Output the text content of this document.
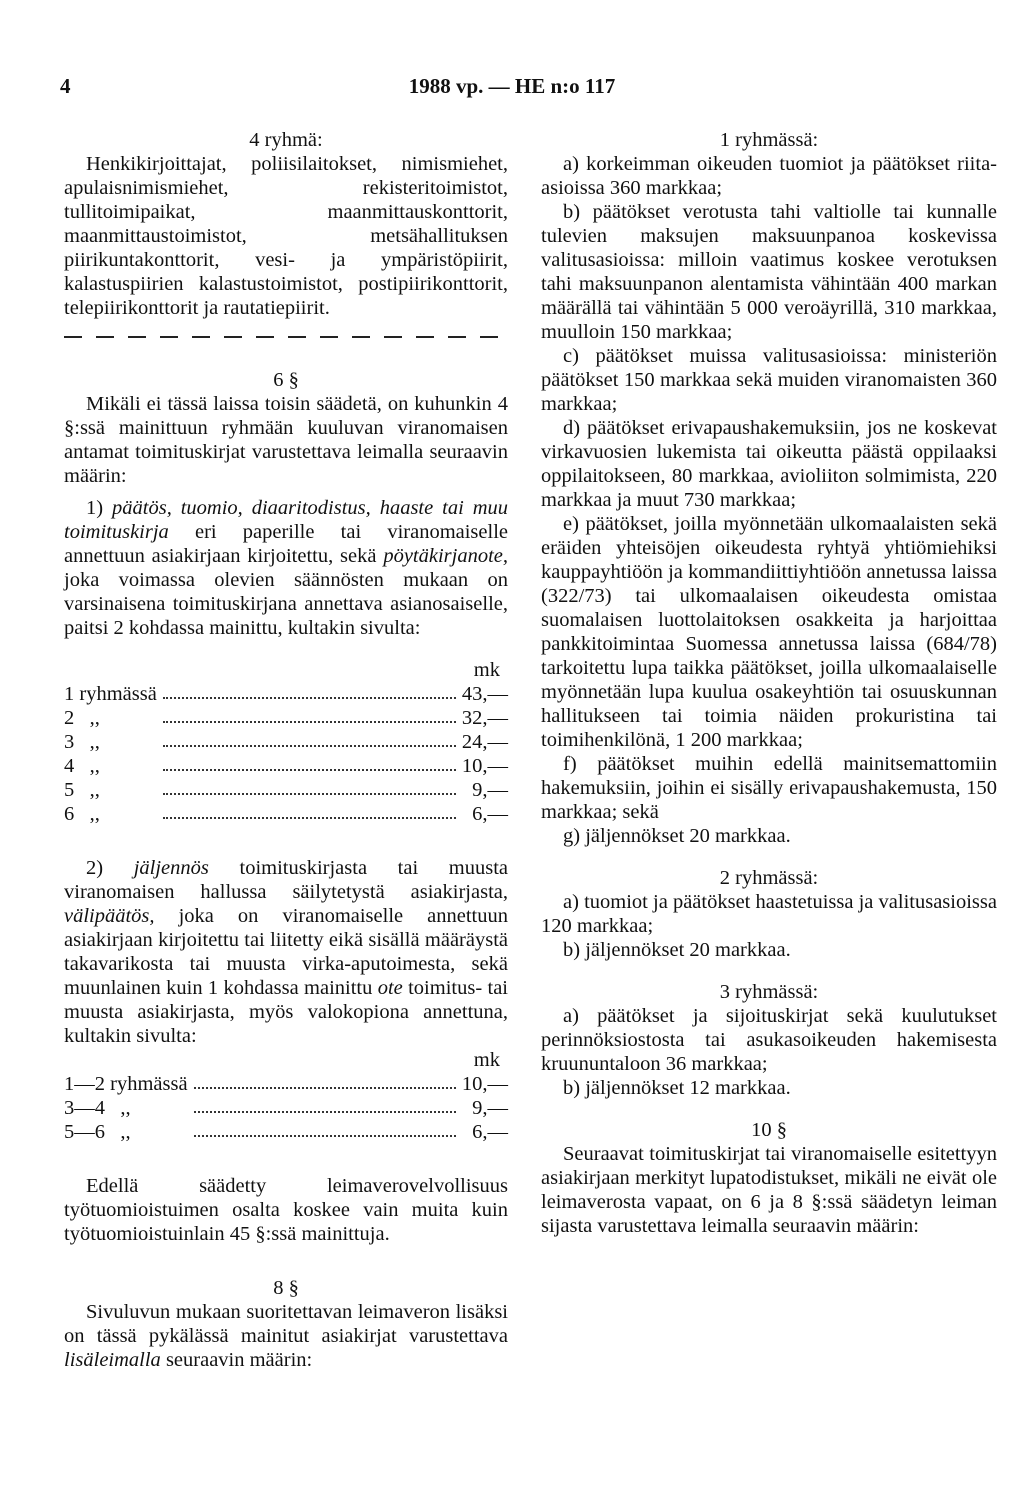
4	1988 vp. — HE n:o 117

4 ryhmä:

Henkikirjoittajat, poliisilaitokset, nimismiehet, apulaisnimismiehet, rekisteritoimistot, tullitoimipaikat, maanmittauskonttorit, maanmittaustoimistot, metsähallituksen piirikuntakonttorit, vesi- ja ympäristöpiirit, kalastuspiirien kalastustoimistot, postipiirikonttorit, telepiirikonttorit ja rautatiepiirit.

6 §

Mikäli ei tässä laissa toisin säädetä, on kuhunkin 4 §:ssä mainittuun ryhmään kuuluvan viranomaisen antamat toimituskirjat varustettava leimalla seuraavin määrin:

1) päätös, tuomio, diaaritodistus, haaste tai muu toimituskirja eri paperille tai viranomaiselle annettuun asiakirjaan kirjoitettu, sekä pöytäkirjanote, joka voimassa olevien säännösten mukaan on varsinaisena toimituskirjana annettava asianosaiselle, paitsi 2 kohdassa mainittu, kultakin sivulta:

mk
1 ryhmässä		43,—
2   ,,		32,—
3   ,,		24,—
4   ,,		10,—
5   ,,		9,—
6   ,,		6,—

2) jäljennös toimituskirjasta tai muusta viranomaisen hallussa säilytetystä asiakirjasta, välipäätös, joka on viranomaiselle annettuun asiakirjaan kirjoitettu tai liitetty eikä sisällä määräystä takavarikosta tai muusta virka-aputoimesta, sekä muunlainen kuin 1 kohdassa mainittu ote toimitus- tai muusta asiakirjasta, myös valokopiona annettuna, kultakin sivulta:

mk
1—2 ryhmässä		10,—
3—4   ,,		9,—
5—6   ,,		6,—

Edellä säädetty leimaverovelvollisuus työtuomioistuimen osalta koskee vain muita kuin työtuomioistuinlain 45 §:ssä mainittuja.

8 §

Sivuluvun mukaan suoritettavan leimaveron lisäksi on tässä pykälässä mainitut asiakirjat varustettava lisäleimalla seuraavin määrin:

1 ryhmässä:

a) korkeimman oikeuden tuomiot ja päätökset riita-asioissa 360 markkaa;

b) päätökset verotusta tahi valtiolle tai kunnalle tulevien maksujen maksuunpanoa koskevissa valitusasioissa: milloin vaatimus koskee verotuksen tahi maksuunpanon alentamista vähintään 400 markan määrällä tai vähintään 5 000 veroäyrillä, 310 markkaa, muulloin 150 markkaa;

c) päätökset muissa valitusasioissa: ministeriön päätökset 150 markkaa sekä muiden viranomaisten 360 markkaa;

d) päätökset erivapaushakemuksiin, jos ne koskevat virkavuosien lukemista tai oikeutta päästä oppilaaksi oppilaitokseen, 80 markkaa, avioliiton solmimista, 220 markkaa ja muut 730 markkaa;

e) päätökset, joilla myönnetään ulkomaalaisten sekä eräiden yhteisöjen oikeudesta ryhtyä yhtiömiehiksi kauppayhtiöön ja kommandiittiyhtiöön annetussa laissa (322/73) tai ulkomaalaisen oikeudesta omistaa suomalaisen luottolaitoksen osakkeita ja harjoittaa pankkitoimintaa Suomessa annetussa laissa (684/78) tarkoitettu lupa taikka päätökset, joilla ulkomaalaiselle myönnetään lupa kuulua osakeyhtiön tai osuuskunnan hallitukseen tai toimia näiden prokuristina tai toimihenkilönä, 1 200 markkaa;

f) päätökset muihin edellä mainitsemattomiin hakemuksiin, joihin ei sisälly erivapaushakemusta, 150 markkaa; sekä

g) jäljennökset 20 markkaa.

2 ryhmässä:

a) tuomiot ja päätökset haastetuissa ja valitusasioissa 120 markkaa;

b) jäljennökset 20 markkaa.

3 ryhmässä:

a) päätökset ja sijoituskirjat sekä kuulutukset perinnöksiostosta tai asukasoikeuden hakemisesta kruununtaloon 36 markkaa;

b) jäljennökset 12 markkaa.

10 §

Seuraavat toimituskirjat tai viranomaiselle esitettyyn asiakirjaan merkityt lupatodistukset, mikäli ne eivät ole leimaverosta vapaat, on 6 ja 8 §:ssä säädetyn leiman sijasta varustettava leimalla seuraavin määrin:
